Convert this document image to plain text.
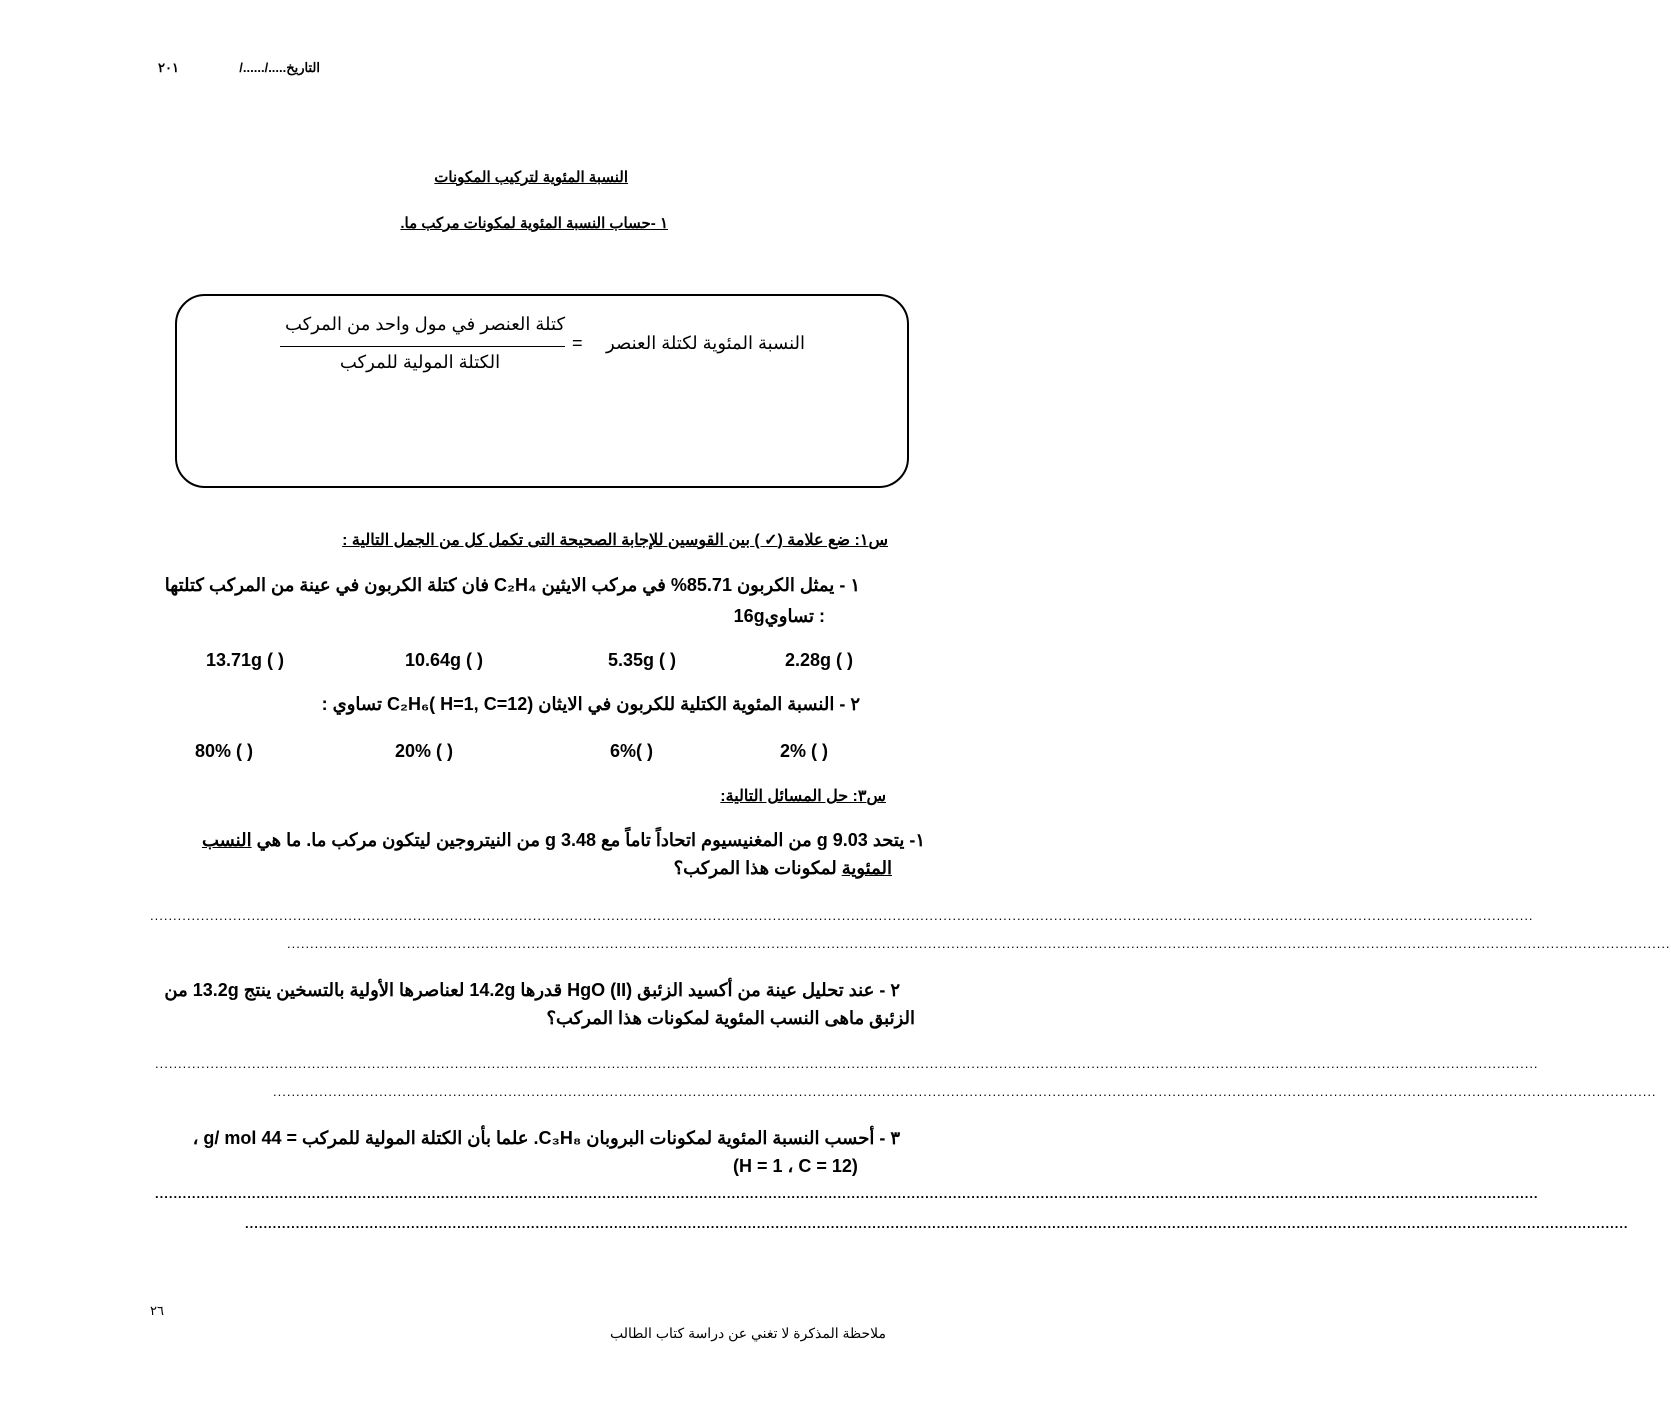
التاريخ...../....../
٢٠١
النسبة المئوية لتركيب المكونات
١ -حساب النسبة المئوية لمكونات مركب ما.
النسبة المئوية لكتلة العنصر
=
كتلة العنصر في مول واحد من المركب
الكتلة المولية للمركب
س١: ضع علامة (✓ ) بين القوسين للإجابة الصحيحة التى تكمل كل من الجمل التالية :
١ - يمثل الكربون 85.71% في مركب الايثين C₂H₄ فان كتلة الكربون في عينة من المركب كتلتها
16gتساوي :
2.28g ( )
5.35g ( )
10.64g ( )
13.71g ( )
٢ - النسبة المئوية الكتلية للكربون في الايثان C₂H₆( H=1, C=12) تساوي :
2% ( )
6%( )
20% ( )
80% ( )
س٣: حل المسائل التالية:
١- يتحد 9.03 g من المغنيسيوم اتحاداً تاماً مع 3.48 g من النيتروجين ليتكون مركب ما. ما هي النسب
المئوية لمكونات هذا المركب؟
............................................................................................................................................................................................................................................................................................................
............................................................................................................................................................................................................................................................................................................
٢ - عند تحليل عينة من أكسيد الزئبق (HgO (II قدرها 14.2g لعناصرها الأولية بالتسخين ينتج 13.2g من
الزئبق ماهى النسب المئوية لمكونات هذا المركب؟
............................................................................................................................................................................................................................................................................................................
............................................................................................................................................................................................................................................................................................................
٣ - أحسب النسبة المئوية لمكونات البروبان C₃H₈. علما بأن الكتلة المولية للمركب = 44 g/ mol ،
(H = 1 ، C = 12)
............................................................................................................................................................................................................................................................................................................
............................................................................................................................................................................................................................................................................................................
٢٦
ملاحظة المذكرة لا تغني عن دراسة كتاب الطالب
